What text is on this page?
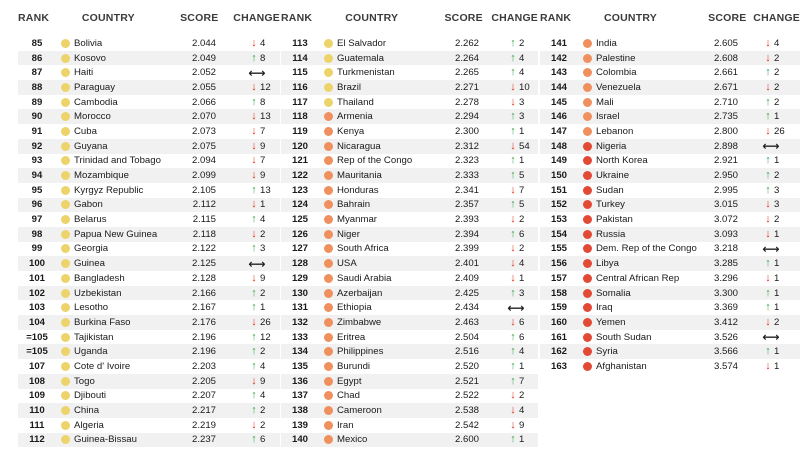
RANK	COUNTRY	SCORE	CHANGE
85	Bolivia	2.044	↓ 4
86	Kosovo	2.049	↑ 8
87	Haiti	2.052	⟷
88	Paraguay	2.055	↓ 12
89	Cambodia	2.066	↑ 8
90	Morocco	2.070	↓ 13
91	Cuba	2.073	↓ 7
92	Guyana	2.075	↓ 9
93	Trinidad and Tobago	2.094	↓ 7
94	Mozambique	2.099	↓ 9
95	Kyrgyz Republic	2.105	↑ 13
96	Gabon	2.112	↓ 1
97	Belarus	2.115	↑ 4
98	Papua New Guinea	2.118	↓ 2
99	Georgia	2.122	↑ 3
100	Guinea	2.125	⟷
101	Bangladesh	2.128	↓ 9
102	Uzbekistan	2.166	↑ 2
103	Lesotho	2.167	↑ 1
104	Burkina Faso	2.176	↓ 26
=105	Tajikistan	2.196	↑ 12
=105	Uganda	2.196	↑ 2
107	Cote d' Ivoire	2.203	↑ 4
108	Togo	2.205	↓ 9
109	Djibouti	2.207	↑ 4
110	China	2.217	↑ 2
111	Algeria	2.219	↓ 2
112	Guinea-Bissau	2.237	↑ 6
RANK	COUNTRY	SCORE CHANGE
113	El Salvador	2.262	↑ 2
114	Guatemala	2.264	↑ 4
115	Turkmenistan	2.265	↑ 4
116	Brazil	2.271	↓ 10
117	Thailand	2.278	↓ 3
118	Armenia	2.294	↑ 3
119	Kenya	2.300	↑ 1
120	Nicaragua	2.312	↓ 54
121	Rep of the Congo	2.323	↑ 1
122	Mauritania	2.333	↑ 5
123	Honduras	2.341	↓ 7
124	Bahrain	2.357	↑ 5
125	Myanmar	2.393	↓ 2
126	Niger	2.394	↑ 6
127	South Africa	2.399	↓ 2
128	USA	2.401	↓ 4
129	Saudi Arabia	2.409	↓ 1
130	Azerbaijan	2.425	↑ 3
131	Ethiopia	2.434 ⟷
132	Zimbabwe	2.463	↓ 6
133	Eritrea	2.504	↑ 6
134	Philippines	2.516	↑ 4
135	Burundi	2.520	↑ 1
136	Egypt	2.521	↑ 7
137	Chad	2.522	↓ 2
138	Cameroon	2.538	↓ 4
139	Iran	2.542	↓ 9
140	Mexico	2.600	↑ 1
RANK	COUNTRY	SCORE CHANGE
141	India	2.605 ↓ 4
142	Palestine	2.608 ↓ 2
143	Colombia	2.661 ↑ 2
144	Venezuela	2.671 ↓ 2
145	Mali	2.710 ↑ 2
146	Israel	2.735 ↑ 1
147	Lebanon	2.800 ↓ 26
148	Nigeria	2.898 ⟷
149	North Korea	2.921 ↑ 1
150	Ukraine	2.950 ↑ 2
151	Sudan	2.995 ↑ 3
152	Turkey	3.015 ↓ 3
153	Pakistan	3.072 ↓ 2
154	Russia	3.093 ↓ 1
155	Dem. Rep of the Congo	3.218 ⟷
156	Libya	3.285 ↑ 1
157	Central African Rep	3.296 ↓ 1
158	Somalia	3.300 ↑ 1
159	Iraq	3.369 ↑ 1
160	Yemen	3.412 ↓ 2
161	South Sudan	3.526 ⟷
162	Syria	3.566 ↑ 1
163	Afghanistan	3.574 ↓ 1
